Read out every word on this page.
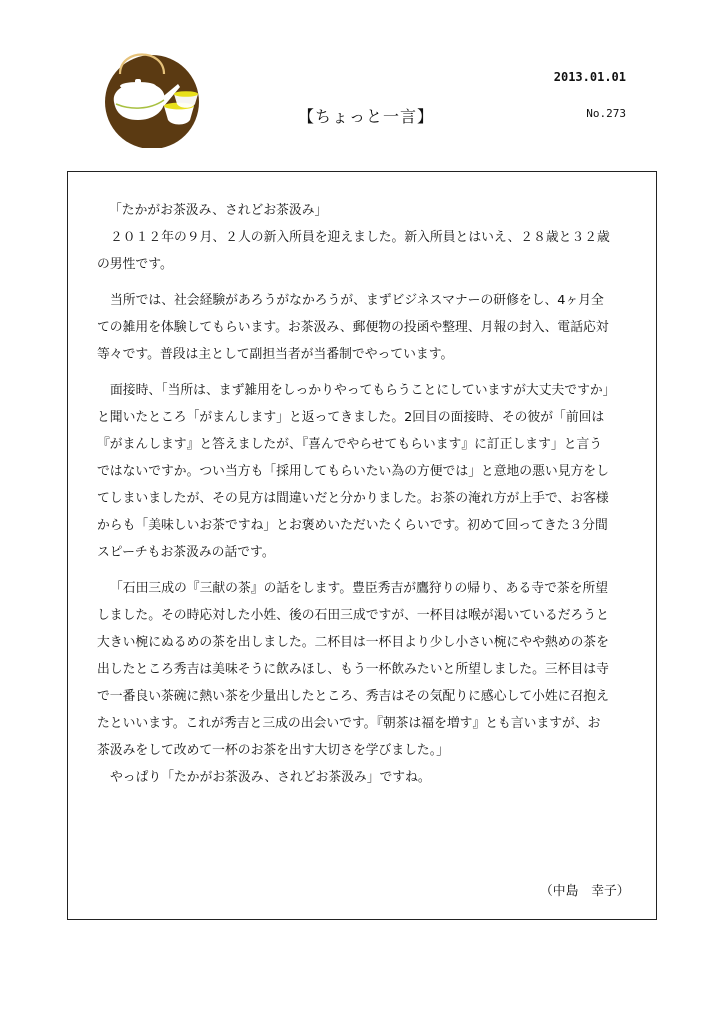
2013.01.01
【ちょっと一言】	No.273
「たかがお茶汲み、されどお茶汲み」
２０１２年の９月、２人の新入所員を迎えました。新入所員とはいえ、２８歳と３２歳
の男性です。
当所では、社会経験があろうがなかろうが、まずビジネスマナーの研修をし、4ヶ月全
ての雑用を体験してもらいます。お茶汲み、郵便物の投函や整理、月報の封入、電話応対
等々です。普段は主として副担当者が当番制でやっています。
面接時、「当所は、まず雑用をしっかりやってもらうことにしていますが大丈夫ですか」
と聞いたところ「がまんします」と返ってきました。2回目の面接時、その彼が「前回は
『がまんします』と答えましたが、『喜んでやらせてもらいます』に訂正します」と言う
ではないですか。つい当方も「採用してもらいたい為の方便では」と意地の悪い見方をし
てしまいましたが、その見方は間違いだと分かりました。お茶の淹れ方が上手で、お客様
からも「美味しいお茶ですね」とお褒めいただいたくらいです。初めて回ってきた３分間
スピーチもお茶汲みの話です。
「石田三成の『三献の茶』の話をします。豊臣秀吉が鷹狩りの帰り、ある寺で茶を所望
しました。その時応対した小姓、後の石田三成ですが、一杯目は喉が渇いているだろうと
大きい椀にぬるめの茶を出しました。二杯目は一杯目より少し小さい椀にやや熱めの茶を
出したところ秀吉は美味そうに飲みほし、もう一杯飲みたいと所望しました。三杯目は寺
で一番良い茶碗に熱い茶を少量出したところ、秀吉はその気配りに感心して小姓に召抱え
たといいます。これが秀吉と三成の出会いです。『朝茶は福を増す』とも言いますが、お
茶汲みをして改めて一杯のお茶を出す大切さを学びました。」
やっぱり「たかがお茶汲み、されどお茶汲み」ですね。
（中島　幸子）
